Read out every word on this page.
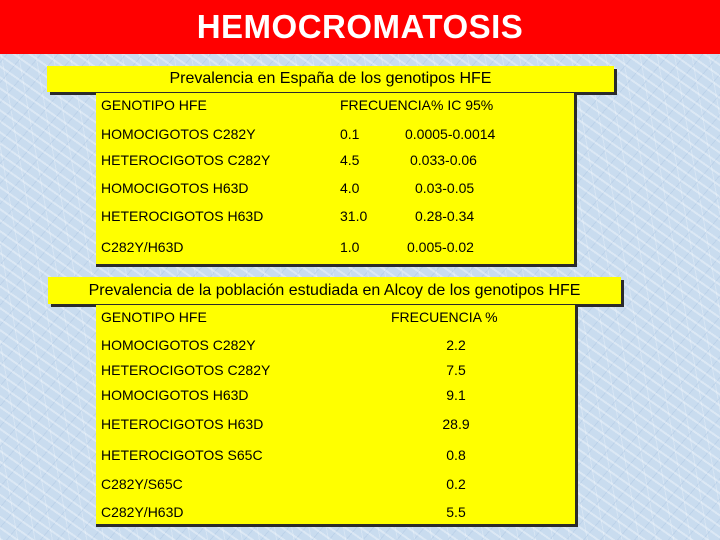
HEMOCROMATOSIS
Prevalencia en España de los genotipos HFE
GENOTIPO HFE	FRECUENCIA% IC 95%
HOMOCIGOTOS C282Y	0.1	0.0005-0.0014
HETEROCIGOTOS C282Y	4.5	0.033-0.06
HOMOCIGOTOS H63D	4.0	0.03-0.05
HETEROCIGOTOS H63D	31.0	0.28-0.34
C282Y/H63D	1.0	0.005-0.02
Prevalencia de la población estudiada en Alcoy de los genotipos HFE
GENOTIPO HFE	FRECUENCIA %
HOMOCIGOTOS C282Y	2.2
HETEROCIGOTOS C282Y	7.5
HOMOCIGOTOS H63D	9.1
HETEROCIGOTOS H63D	28.9
HETEROCIGOTOS S65C	0.8
C282Y/S65C	0.2
C282Y/H63D	5.5
